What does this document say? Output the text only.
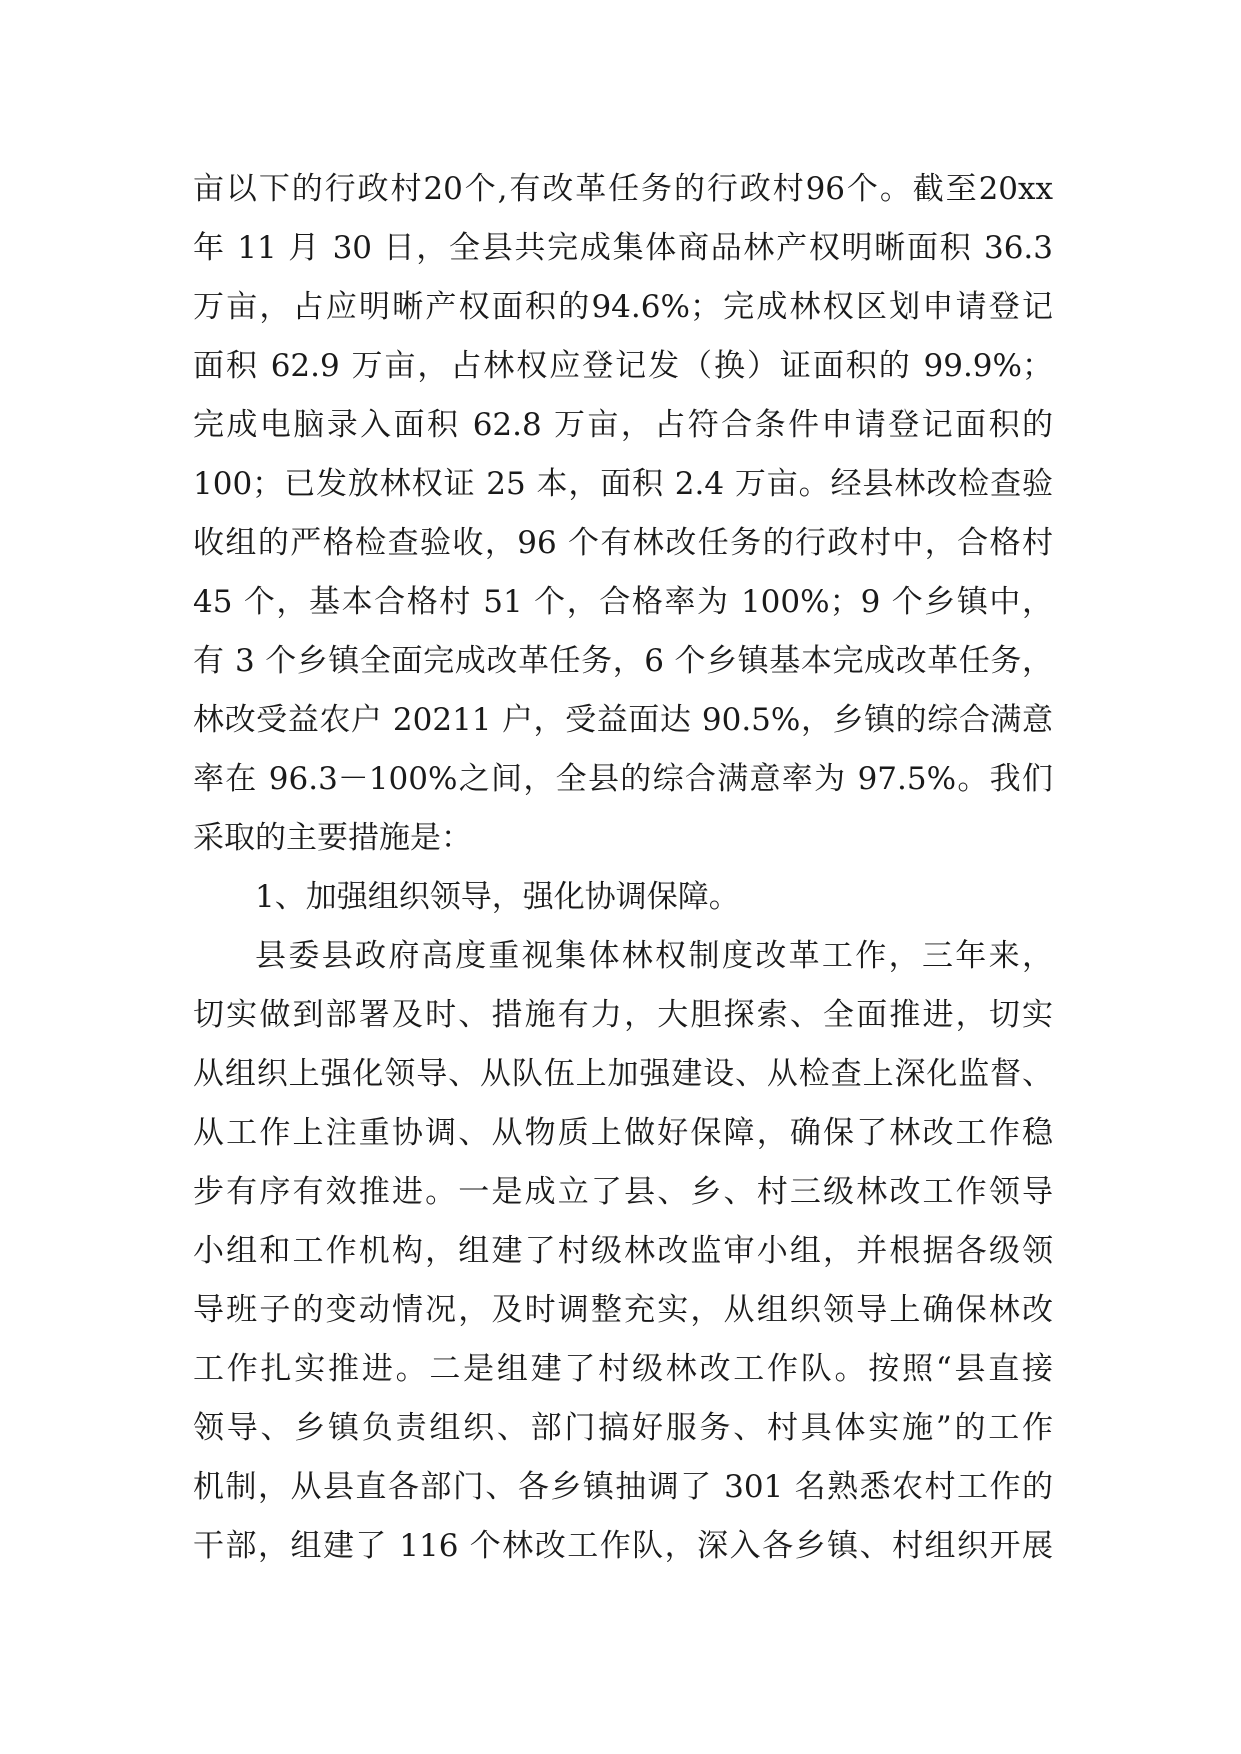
亩以下的行政村20个,有改革任务的行政村96个。截至20xx
年 11 月 30 日，全县共完成集体商品林产权明晰面积 36.3
万亩，占应明晰产权面积的94.6%；完成林权区划申请登记
面积 62.9 万亩，占林权应登记发（换）证面积的 99.9%；
完成电脑录入面积 62.8 万亩，占符合条件申请登记面积的
100；已发放林权证 25 本，面积 2.4 万亩。经县林改检查验
收组的严格检查验收，96 个有林改任务的行政村中，合格村
45 个，基本合格村 51 个，合格率为 100%；9 个乡镇中，
有 3 个乡镇全面完成改革任务，6 个乡镇基本完成改革任务，
林改受益农户 20211 户，受益面达 90.5%，乡镇的综合满意
率在 96.3－100%之间，全县的综合满意率为 97.5%。我们
采取的主要措施是：
1、加强组织领导，强化协调保障。
县委县政府高度重视集体林权制度改革工作，三年来，
切实做到部署及时、措施有力，大胆探索、全面推进，切实
从组织上强化领导、从队伍上加强建设、从检查上深化监督、
从工作上注重协调、从物质上做好保障，确保了林改工作稳
步有序有效推进。一是成立了县、乡、村三级林改工作领导
小组和工作机构，组建了村级林改监审小组，并根据各级领
导班子的变动情况，及时调整充实，从组织领导上确保林改
工作扎实推进。二是组建了村级林改工作队。按照“县直接
领导、乡镇负责组织、部门搞好服务、村具体实施”的工作
机制，从县直各部门、各乡镇抽调了 301 名熟悉农村工作的
干部，组建了 116 个林改工作队，深入各乡镇、村组织开展
